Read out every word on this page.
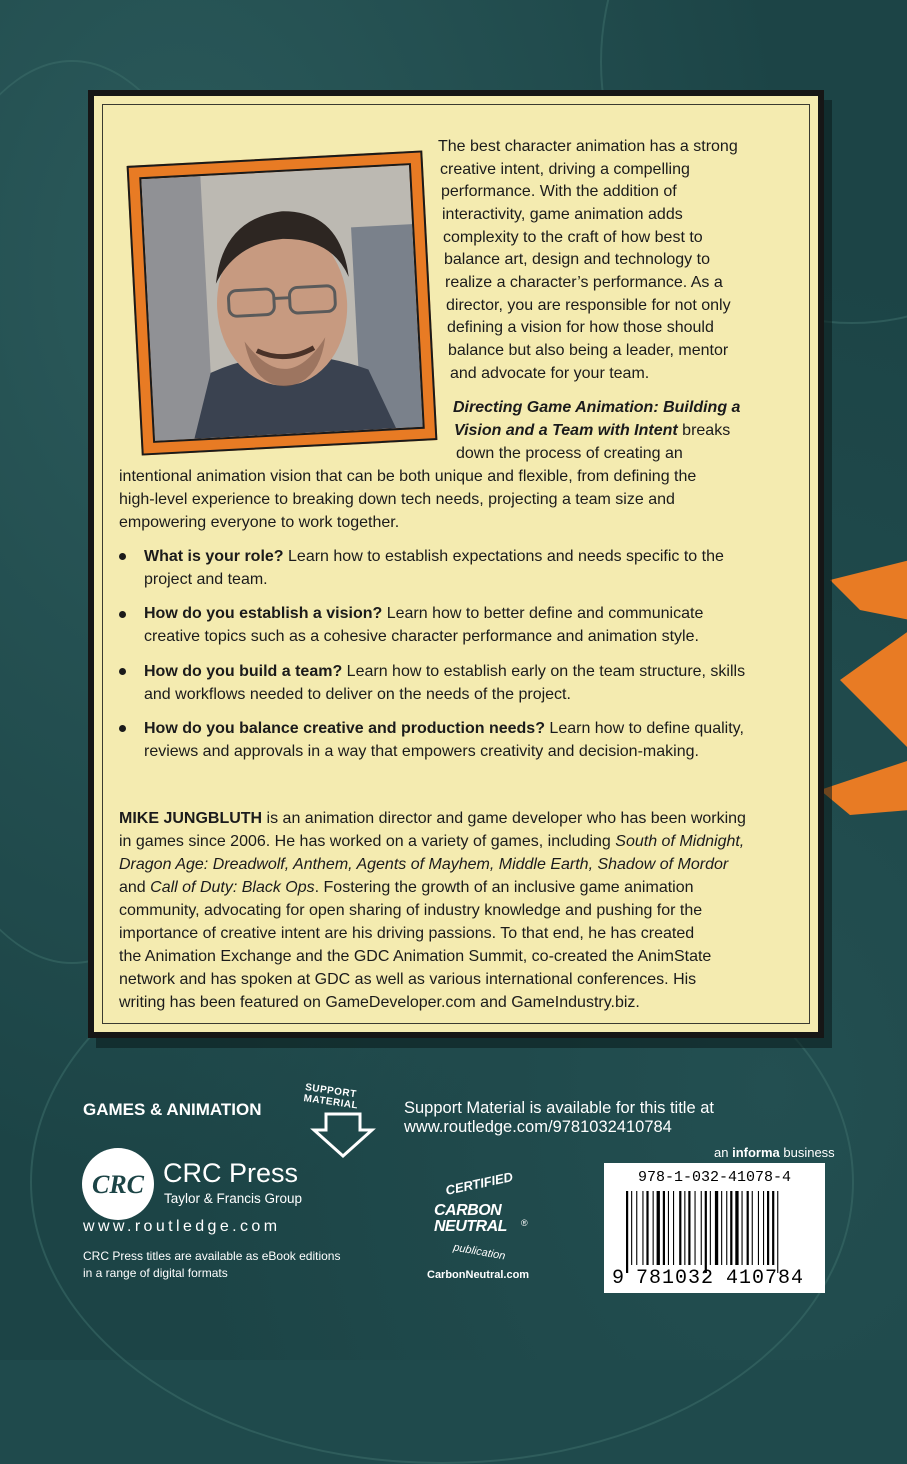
The best character animation has a strong

creative intent, driving a compelling

performance. With the addition of

interactivity, game animation adds

complexity to the craft of how best to

balance art, design and technology to

realize a character’s performance. As a

director, you are responsible for not only

defining a vision for how those should

balance but also being a leader, mentor

and advocate for your team.

Directing Game Animation: Building a

Vision and a Team with Intent breaks

down the process of creating an

intentional animation vision that can be both unique and flexible, from defining the

high-level experience to breaking down tech needs, projecting a team size and

empowering everyone to work together.

What is your role? Learn how to establish expectations and needs specific to the

project and team.

How do you establish a vision? Learn how to better define and communicate

creative topics such as a cohesive character performance and animation style.

How do you build a team? Learn how to establish early on the team structure, skills

and workflows needed to deliver on the needs of the project.

How do you balance creative and production needs? Learn how to define quality,

reviews and approvals in a way that empowers creativity and decision-making.

MIKE JUNGBLUTH is an animation director and game developer who has been working

in games since 2006. He has worked on a variety of games, including South of Midnight,

Dragon Age: Dreadwolf, Anthem, Agents of Mayhem, Middle Earth, Shadow of Mordor

and Call of Duty: Black Ops. Fostering the growth of an inclusive game animation

community, advocating for open sharing of industry knowledge and pushing for the

importance of creative intent are his driving passions. To that end, he has created

the Animation Exchange and the GDC Animation Summit, co-created the AnimState

network and has spoken at GDC as well as various international conferences. His

writing has been featured on GameDeveloper.com and GameIndustry.biz.

GAMES & ANIMATION
SUPPORT MATERIAL	Support Material is available for this title at
www.routledge.com/9781032410784
an informa business
CRC CRC Press
Taylor & Francis Group
www.routledge.com
CRC Press titles are available as eBook editions
in a range of digital formats
CERTIFIED
CARBON
NEUTRAL ®
publication
CarbonNeutral.com
978-1-032-41078-4
9 781032 410784
